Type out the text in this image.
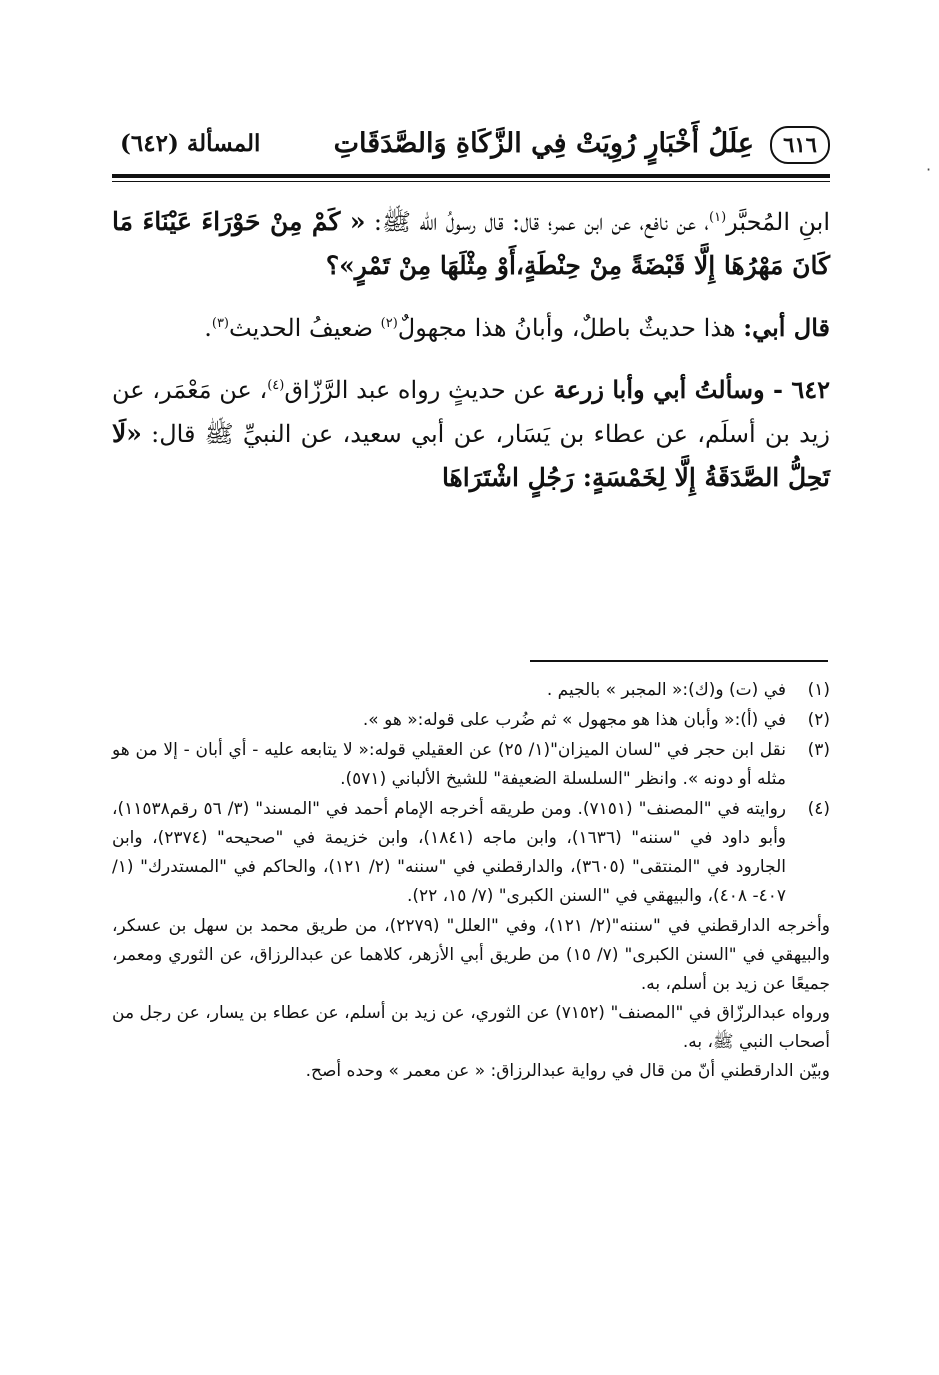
٦١٦
عِلَلُ أَخْبَارٍ رُوِيَتْ فِي الزَّكَاةِ وَالصَّدَقَاتِ
المسألة (٦٤٢)

ابنِ المُحبَّر$^{(١)}$، عن نافع، عن ابن عمر؛ قال: قال رسولُ الله ﷺ: « كَمْ مِنْ حَوْرَاءَ عَيْنَاءَ مَا كَانَ مَهْرُهَا إِلَّا قَبْضَةً مِنْ حِنْطَةٍ،أَوْ مِثْلَهَا مِنْ تَمْرٍ»؟

قال أبي: هذا حديثٌ باطلٌ، وأبانُ هذا مجهولٌ$^{(٢)}$ ضعيفُ الحديث$^{(٣)}$.

٦٤٢ - وسألتُ أبي وأبا زرعة عن حديثٍ رواه عبد الرَّزّاق$^{(٤)}$، عن مَعْمَر، عن زيد بن أسلَم، عن عطاء بن يَسَار، عن أبي سعيد، عن النبيِّ ﷺ قال: «لَا تَحِلُّ الصَّدَقَةُ إِلَّا لِخَمْسَةٍ: رَجُلٍ اشْتَرَاهَا

(١)
في (ت) و(ك):« المجبر » بالجيم .
(٢)
في (أ):« وأبان هذا هو مجهول » ثم ضُرب على قوله:« هو ».
(٣)
نقل ابن حجر في "لسان الميزان"(١/ ٢٥) عن العقيلي قوله:« لا يتابعه عليه - أي أبان - إلا من هو مثله أو دونه ». وانظر "السلسلة الضعيفة" للشيخ الألباني (٥٧١).
(٤)
روايته في "المصنف" (٧١٥١). ومن طريقه أخرجه الإمام أحمد في "المسند" (٣/ ٥٦ رقم١١٥٣٨)، وأبو داود في "سننه" (١٦٣٦)، وابن ماجه (١٨٤١)، وابن خزيمة في "صحيحه" (٢٣٧٤)، وابن الجارود في "المنتقى" (٣٦٠٥)، والدارقطني في "سننه" (٢/ ١٢١)، والحاكم في "المستدرك" (١/ ٤٠٧- ٤٠٨)، والبيهقي في "السنن الكبرى" (٧/ ١٥، ٢٢).

وأخرجه الدارقطني في "سننه"(٢/ ١٢١)، وفي "العلل" (٢٢٧٩)، من طريق محمد بن سهل بن عسكر، والبيهقي في "السنن الكبرى" (٧/ ١٥) من طريق أبي الأزهر، كلاهما عن عبدالرزاق، عن الثوري ومعمر، جميعًا عن زيد بن أسلم، به.

ورواه عبدالرزّاق في "المصنف" (٧١٥٢) عن الثوري، عن زيد بن أسلم، عن عطاء بن يسار، عن رجل من أصحاب النبي ﷺ، به.

وبيّن الدارقطني أنّ من قال في رواية عبدالرزاق: « عن معمر » وحده أصح.

·
